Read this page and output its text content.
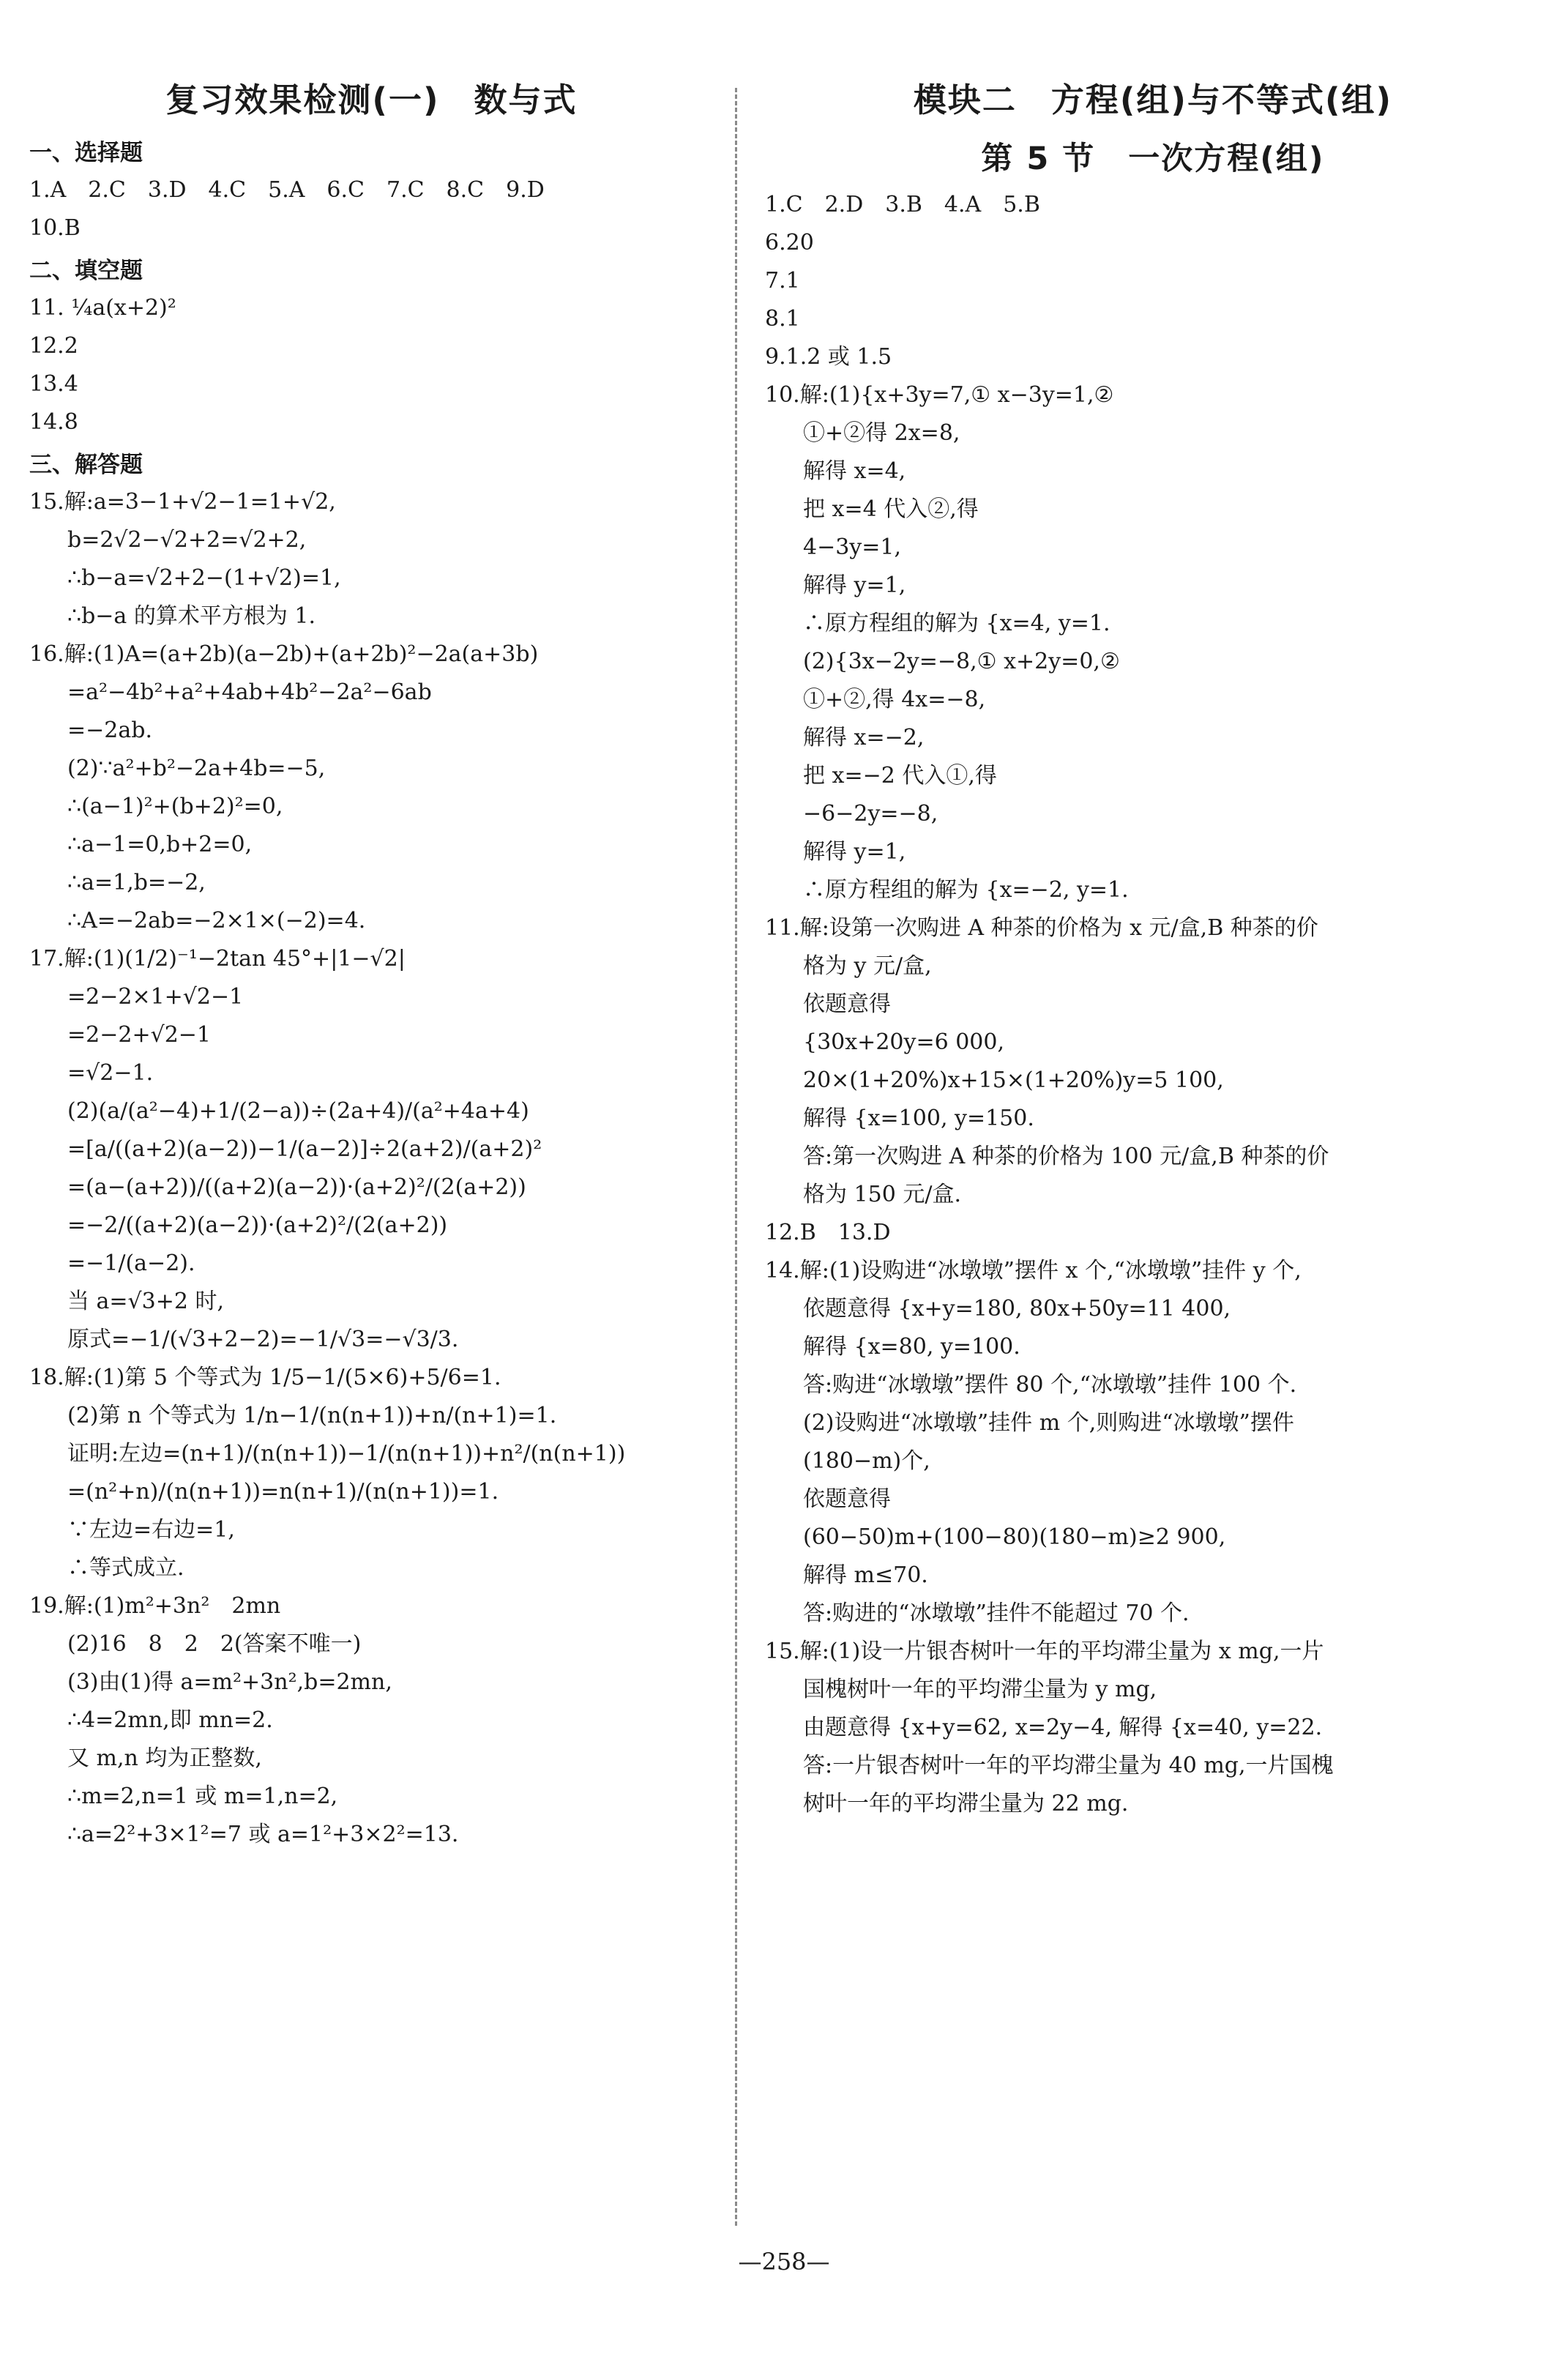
复习效果检测(一)　数与式
一、选择题
1.A　2.C　3.D　4.C　5.A　6.C　7.C　8.C　9.D
10.B
二、填空题
11. ¼a(x+2)²
12.2
13.4
14.8
三、解答题
15.解:a=3−1+√2−1=1+√2,
b=2√2−√2+2=√2+2,
∴b−a=√2+2−(1+√2)=1,
∴b−a 的算术平方根为 1.
16.解:(1)A=(a+2b)(a−2b)+(a+2b)²−2a(a+3b)
=a²−4b²+a²+4ab+4b²−2a²−6ab
=−2ab.
(2)∵a²+b²−2a+4b=−5,
∴(a−1)²+(b+2)²=0,
∴a−1=0,b+2=0,
∴a=1,b=−2,
∴A=−2ab=−2×1×(−2)=4.
17.解:(1)(1/2)⁻¹−2tan 45°+|1−√2|
=2−2×1+√2−1
=2−2+√2−1
=√2−1.
(2)(a/(a²−4)+1/(2−a))÷(2a+4)/(a²+4a+4)
=[a/((a+2)(a−2))−1/(a−2)]÷2(a+2)/(a+2)²
=(a−(a+2))/((a+2)(a−2))·(a+2)²/(2(a+2))
=−2/((a+2)(a−2))·(a+2)²/(2(a+2))
=−1/(a−2).
当 a=√3+2 时,
原式=−1/(√3+2−2)=−1/√3=−√3/3.
18.解:(1)第 5 个等式为 1/5−1/(5×6)+5/6=1.
(2)第 n 个等式为 1/n−1/(n(n+1))+n/(n+1)=1.
证明:左边=(n+1)/(n(n+1))−1/(n(n+1))+n²/(n(n+1))
=(n²+n)/(n(n+1))=n(n+1)/(n(n+1))=1.
∵左边=右边=1,
∴等式成立.
19.解:(1)m²+3n²　2mn
(2)16　8　2　2(答案不唯一)
(3)由(1)得 a=m²+3n²,b=2mn,
∴4=2mn,即 mn=2.
又 m,n 均为正整数,
∴m=2,n=1 或 m=1,n=2,
∴a=2²+3×1²=7 或 a=1²+3×2²=13.
模块二　方程(组)与不等式(组)
第 5 节　一次方程(组)
1.C　2.D　3.B　4.A　5.B
6.20
7.1
8.1
9.1.2 或 1.5
10.解:(1){x+3y=7,① x−3y=1,②
①+②得 2x=8,
解得 x=4,
把 x=4 代入②,得
4−3y=1,
解得 y=1,
∴原方程组的解为 {x=4, y=1.
(2){3x−2y=−8,① x+2y=0,②
①+②,得 4x=−8,
解得 x=−2,
把 x=−2 代入①,得
−6−2y=−8,
解得 y=1,
∴原方程组的解为 {x=−2, y=1.
11.解:设第一次购进 A 种茶的价格为 x 元/盒,B 种茶的价
格为 y 元/盒,
依题意得
{30x+20y=6 000,
20×(1+20%)x+15×(1+20%)y=5 100,
解得 {x=100, y=150.
答:第一次购进 A 种茶的价格为 100 元/盒,B 种茶的价
格为 150 元/盒.
12.B　13.D
14.解:(1)设购进“冰墩墩”摆件 x 个,“冰墩墩”挂件 y 个,
依题意得 {x+y=180, 80x+50y=11 400,
解得 {x=80, y=100.
答:购进“冰墩墩”摆件 80 个,“冰墩墩”挂件 100 个.
(2)设购进“冰墩墩”挂件 m 个,则购进“冰墩墩”摆件
(180−m)个,
依题意得
(60−50)m+(100−80)(180−m)≥2 900,
解得 m≤70.
答:购进的“冰墩墩”挂件不能超过 70 个.
15.解:(1)设一片银杏树叶一年的平均滞尘量为 x mg,一片
国槐树叶一年的平均滞尘量为 y mg,
由题意得 {x+y=62, x=2y−4, 解得 {x=40, y=22.
答:一片银杏树叶一年的平均滞尘量为 40 mg,一片国槐
树叶一年的平均滞尘量为 22 mg.
—258—
